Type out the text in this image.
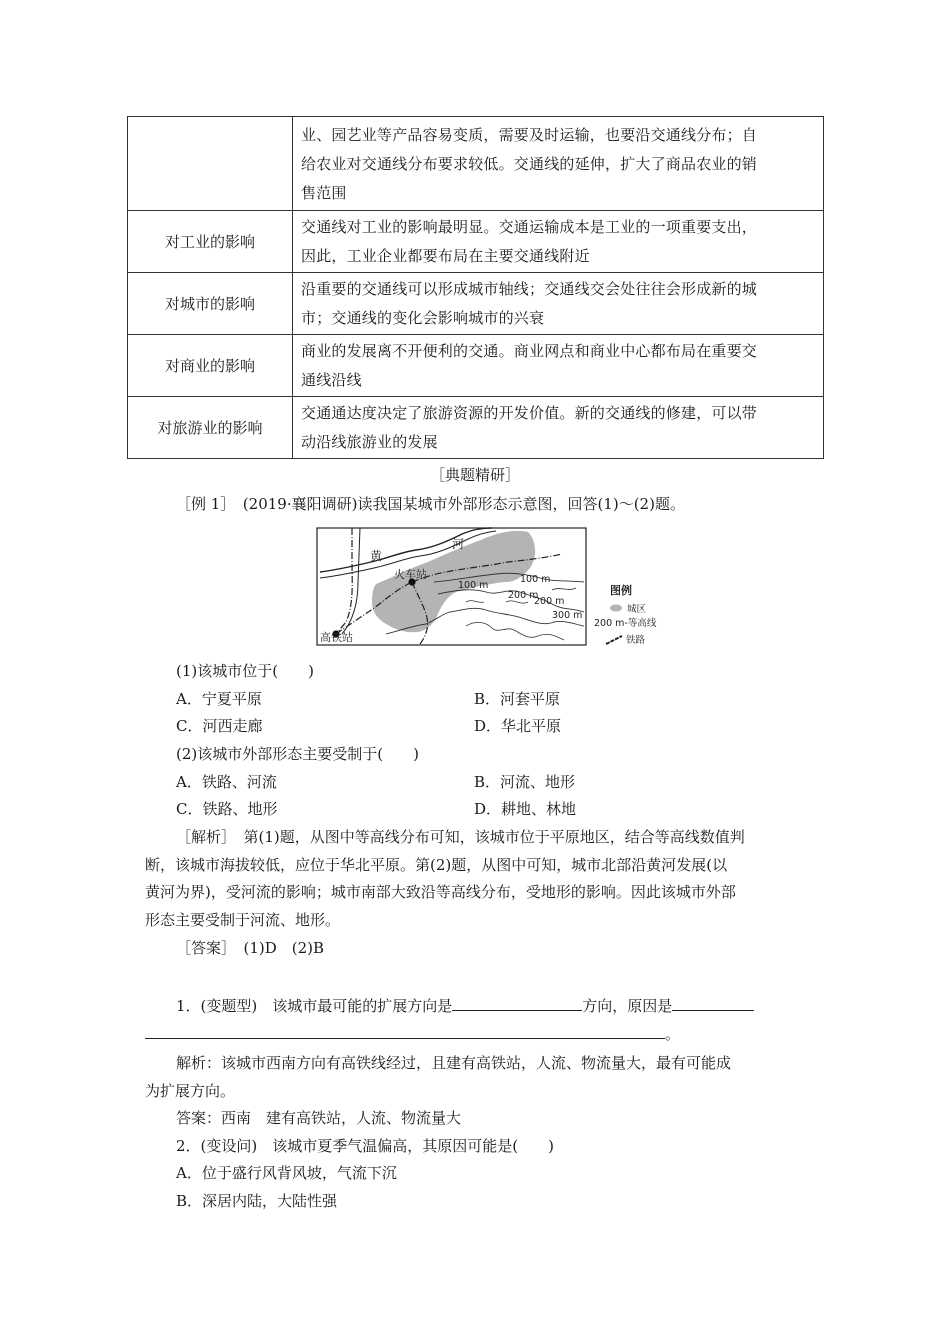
	业、园艺业等产品容易变质，需要及时运输，也要沿交通线分布；自
给农业对交通线分布要求较低。交通线的延伸，扩大了商品农业的销
售范围

对工业的影响	交通线对工业的影响最明显。交通运输成本是工业的一项重要支出，
因此，工业企业都要布局在主要交通线附近

对城市的影响	沿重要的交通线可以形成城市轴线；交通线交会处往往会形成新的城
市；交通线的变化会影响城市的兴衰

对商业的影响	商业的发展离不开便利的交通。商业网点和商业中心都布局在重要交
通线沿线

对旅游业的影响	交通通达度决定了旅游资源的开发价值。新的交通线的修建，可以带
动沿线旅游业的发展
［典题精研］
［例 1］　(2019·襄阳调研)读我国某城市外部形态示意图，回答(1)～(2)题。
黄
河
火车站
高铁站
100 m
100 m
200 m
200 m
300 m
图例
城区
200 m-等高线
铁路
(1)该城市位于(　　)
A．宁夏平原	B．河套平原
C．河西走廊	D．华北平原
(2)该城市外部形态主要受制于(　　)
A．铁路、河流	B．河流、地形
C．铁路、地形	D．耕地、林地
［解析］　第(1)题，从图中等高线分布可知，该城市位于平原地区，结合等高线数值判
断，该城市海拔较低，应位于华北平原。第(2)题，从图中可知，城市北部沿黄河发展(以
黄河为界)，受河流的影响；城市南部大致沿等高线分布，受地形的影响。因此该城市外部
形态主要受制于河流、地形。
［答案］　(1)D　(2)B
1．(变题型)　该城市最可能的扩展方向是	方向，原因是
。
解析：该城市西南方向有高铁线经过，且建有高铁站，人流、物流量大，最有可能成
为扩展方向。
答案：西南　建有高铁站，人流、物流量大
2．(变设问)　该城市夏季气温偏高，其原因可能是(　　)
A．位于盛行风背风坡，气流下沉
B．深居内陆，大陆性强
